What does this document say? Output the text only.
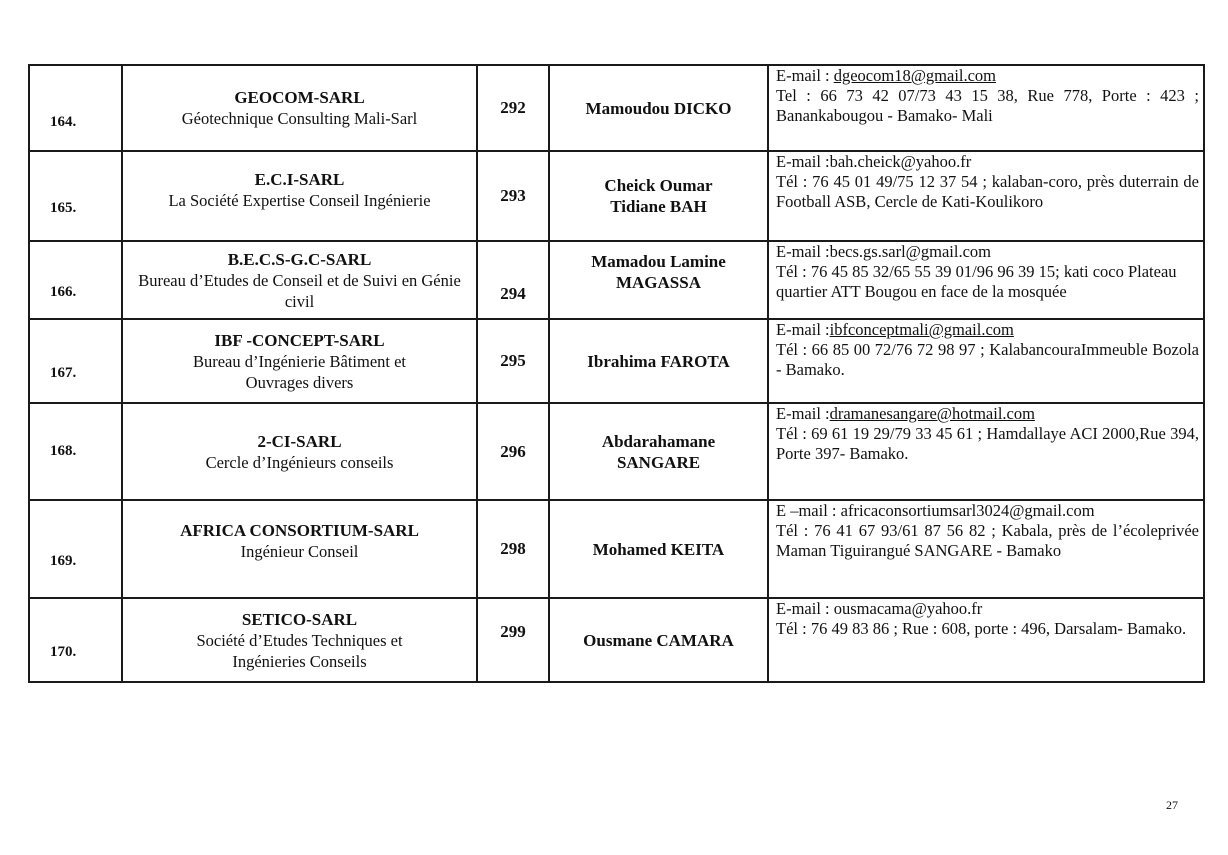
164.	GEOCOM-SARL
Géotechnique Consulting Mali-Sarl	292	Mamoudou DICKO	E-mail : dgeocom18@gmail.com
Tel : 66 73 42 07/73 43 15 38, Rue 778, Porte : 423 ; Banankabougou - Bamako- Mali

165.	E.C.I-SARL
La Société Expertise Conseil Ingénierie	293	Cheick Oumar
Tidiane BAH	E-mail :bah.cheick@yahoo.fr
Tél : 76 45 01 49/75 12 37 54 ; kalaban-coro, près duterrain de Football ASB, Cercle de Kati-Koulikoro

166.	B.E.C.S-G.C-SARL
Bureau d’Etudes de Conseil et de Suivi en Génie civil	294	Mamadou Lamine
MAGASSA	E-mail :becs.gs.sarl@gmail.com
Tél : 76 45 85 32/65 55 39 01/96 96 39 15; kati coco Plateau quartier ATT Bougou en face de la mosquée

167.	IBF -CONCEPT-SARL
Bureau d’Ingénierie Bâtiment et Ouvrages divers	295	Ibrahima FAROTA	E-mail :ibfconceptmali@gmail.com
Tél : 66 85 00 72/76 72 98 97 ; KalabancouraImmeuble Bozola - Bamako.

168.	2-CI-SARL
Cercle d’Ingénieurs conseils	296	Abdarahamane
SANGARE	E-mail :dramanesangare@hotmail.com
Tél : 69 61 19 29/79 33 45 61 ; Hamdallaye ACI 2000,Rue 394, Porte 397- Bamako.

169.	AFRICA CONSORTIUM-SARL
Ingénieur Conseil	298	Mohamed KEITA	E –mail : africaconsortiumsarl3024@gmail.com
Tél : 76 41 67 93/61 87 56 82 ; Kabala, près de l’écoleprivée Maman Tiguirangué SANGARE - Bamako

170.	SETICO-SARL
Société d’Etudes Techniques et Ingénieries Conseils	299	Ousmane CAMARA	E-mail : ousmacama@yahoo.fr
Tél : 76 49 83 86 ; Rue : 608, porte : 496, Darsalam- Bamako.
27
